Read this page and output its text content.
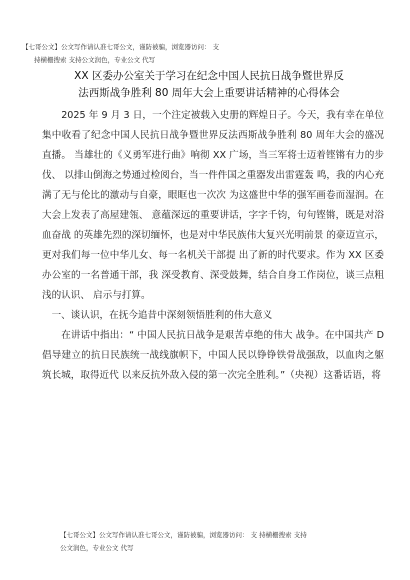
【七哥公文】公文写作请认准七哥公文，谨防被骗，浏览器访问： 支
持横栅搜索 支持公文润色，专业公文 代写
XX 区委办公室关于学习在纪念中国人民抗日战争暨世界反
法西斯战争胜利 80 周年大会上重要讲话精神的心得体会

2025 年 9 月 3 日，一个注定被载入史册的辉煌日子。今天，我有幸在单位集中收看了纪念中国人民抗日战争暨世界反法西斯战争胜利 80 周年大会的盛况直播。 当雄壮的《义勇军进行曲》响彻 XX 广场，当三军将士迈着铿锵有力的步伐、 以排山倒海之势通过检阅台，当一件件国之重器发出雷霆轰 鸣，我的内心充满了无与伦比的激动与自豪，眼眶也一次次 为这盛世中华的强军画卷而湿润。在大会上发表了高屋建瓴、 意蕴深远的重要讲话，字字千钧，句句铿锵，既是对浴血奋战 的英雄先烈的深切缅怀，也是对中华民族伟大复兴光明前景 的豪迈宣示，更对我们每一位中华儿女、每一名机关干部提 出了新的时代要求。作为 XX 区委办公室的一名普通干部，我 深受教育、深受鼓舞，结合自身工作岗位，谈三点粗浅的认识、 启示与打算。

一、谈认识，在抚今追昔中深刻领悟胜利的伟大意义

在讲话中指出：“ 中国人民抗日战争是艰苦卓绝的伟大 战争。在中国共产 D 倡导建立的抗日民族统一战线旗帜下，中国人民以铮铮铁骨战强敌，以血肉之躯筑长城，取得近代 以来反抗外敌入侵的第一次完全胜利。”（央视）这番话语，将

【七哥公文】公文写作请认准七哥公文，谨防被骗，浏览器访问： 支 持横栅搜索 支持
公文润色，专业公文 代写
